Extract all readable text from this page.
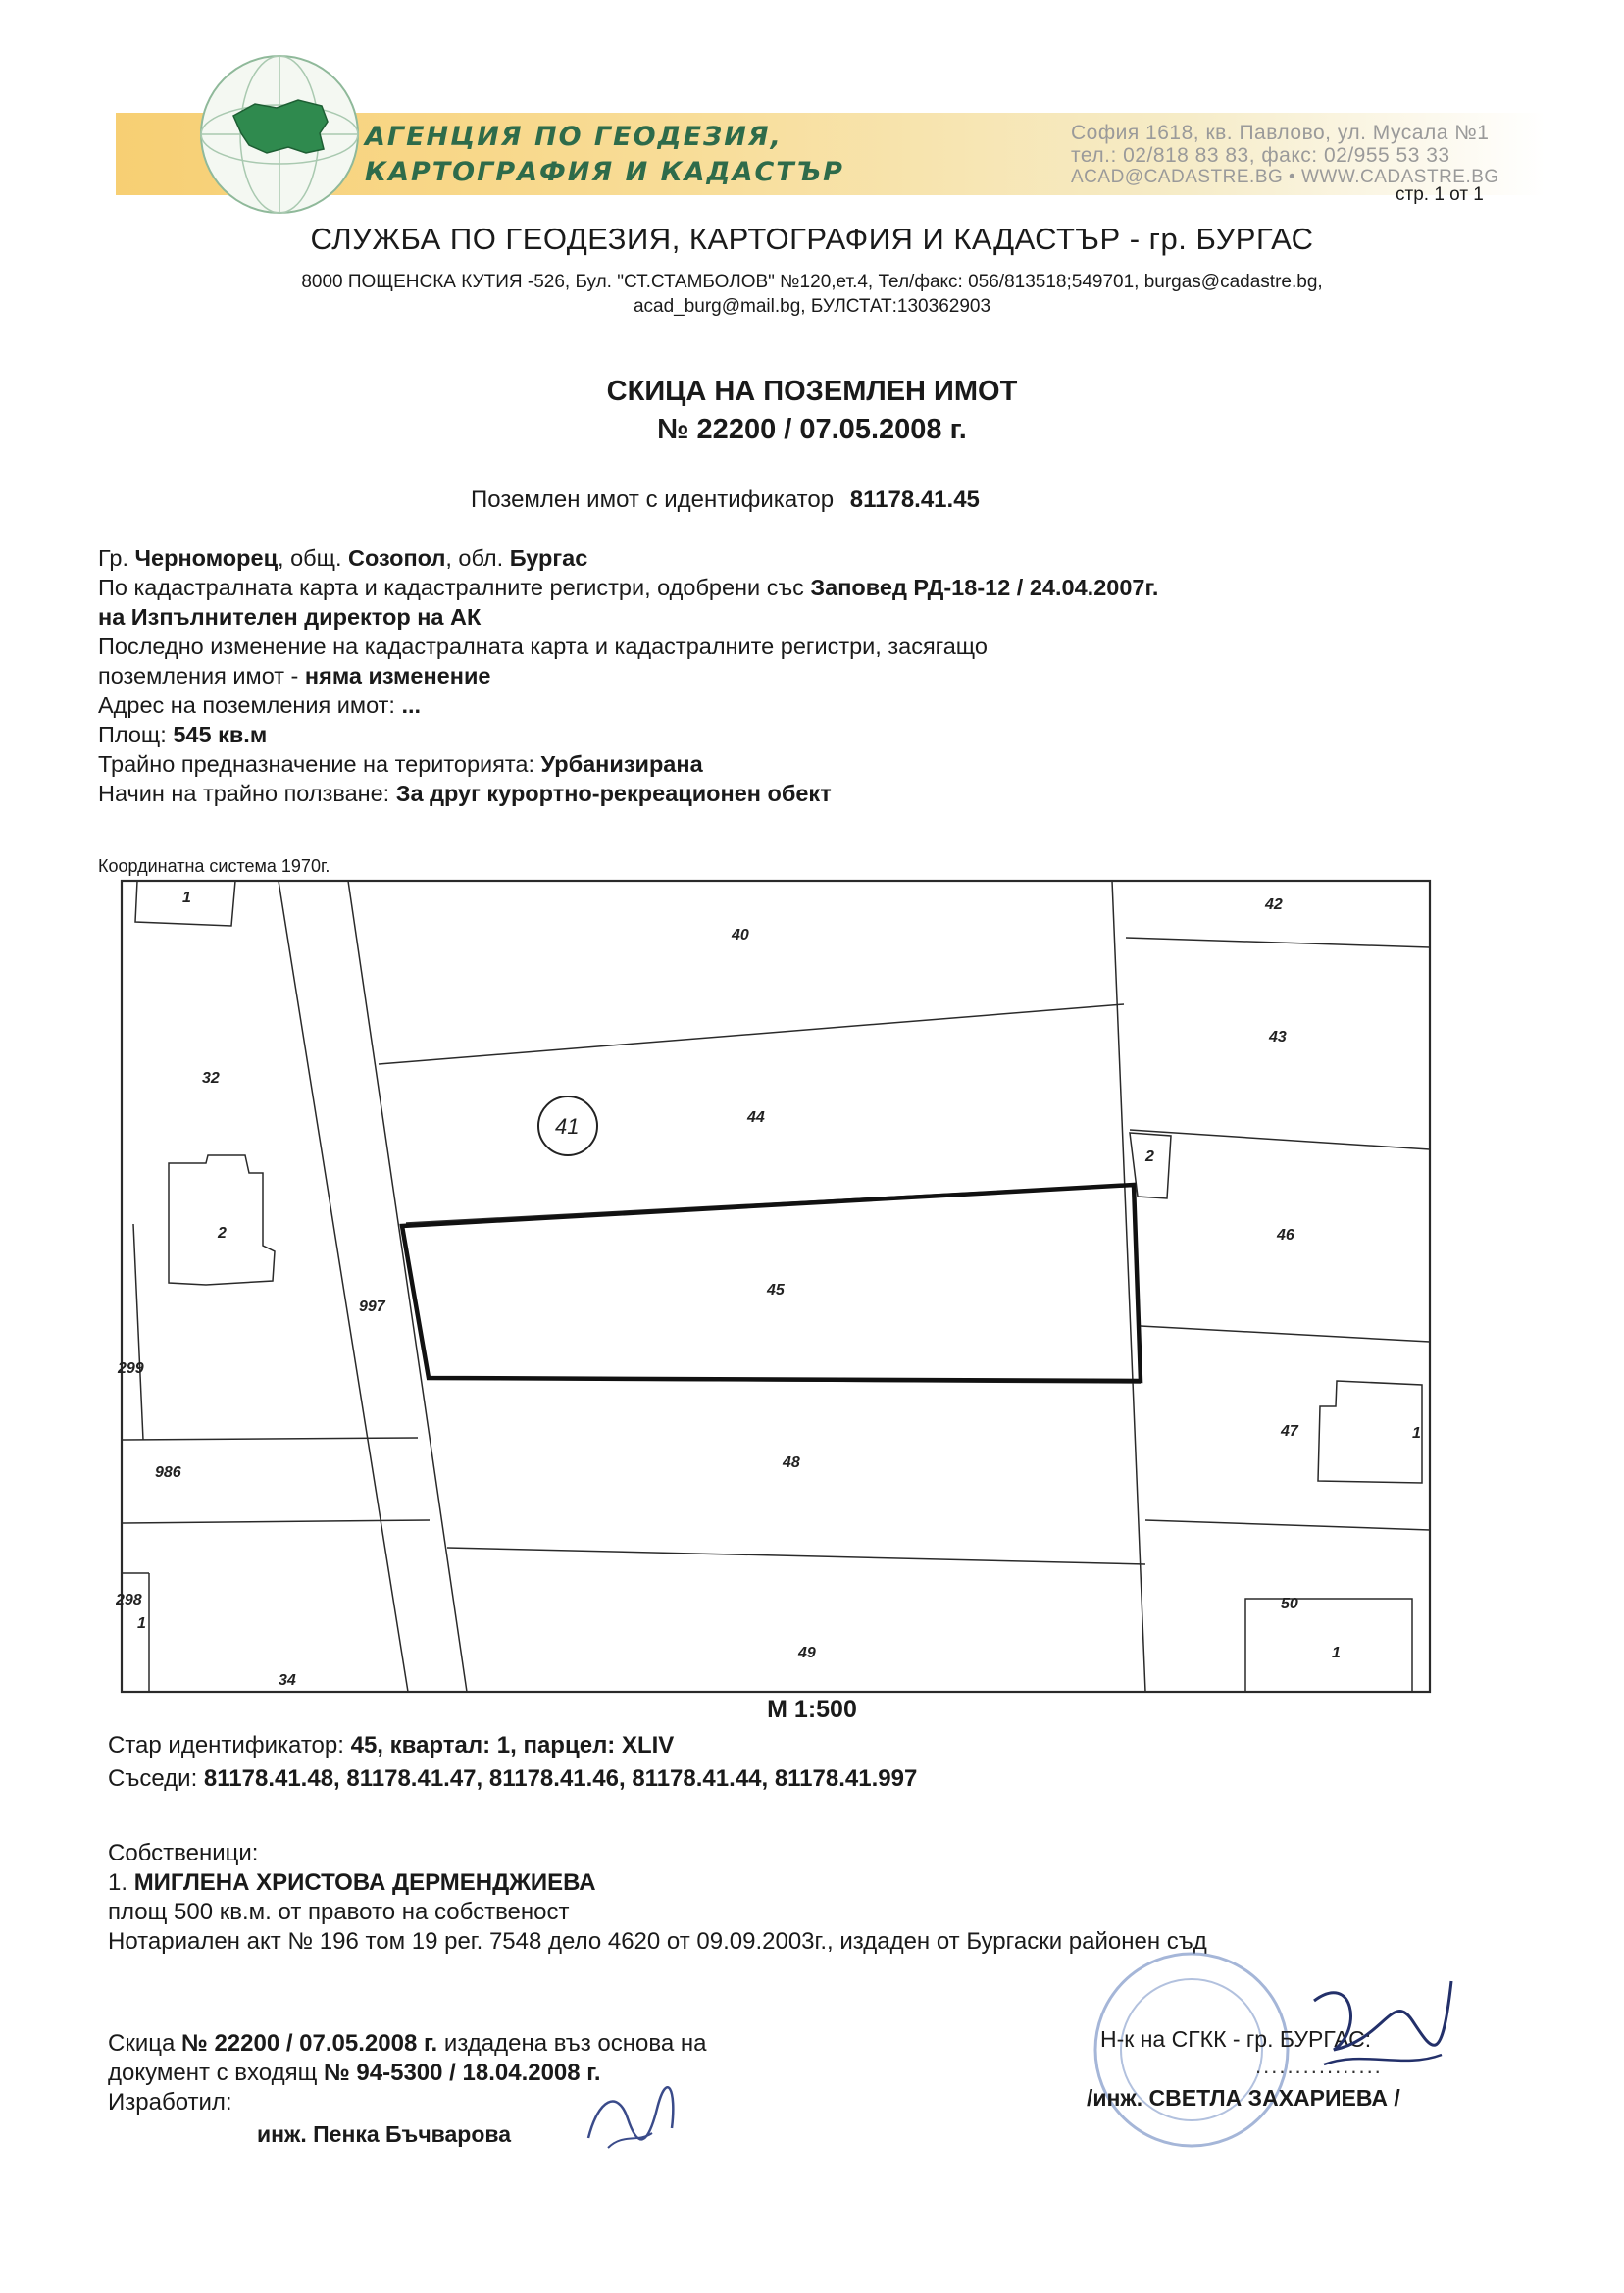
АГЕНЦИЯ ПО ГЕОДЕЗИЯ,
КАРТОГРАФИЯ И КАДАСТЪР
София 1618, кв. Павлово, ул. Мусала №1
тел.: 02/818 83 83, факс: 02/955 53 33
ACAD@CADASTRE.BG • WWW.CADASTRE.BG
стр. 1 от 1
СЛУЖБА ПО ГЕОДЕЗИЯ, КАРТОГРАФИЯ И КАДАСТЪР - гр. БУРГАС
8000 ПОЩЕНСКА КУТИЯ -526, Бул. "СТ.СТАМБОЛОВ" №120,ет.4, Тел/факс: 056/813518;549701, burgas@cadastre.bg,
acad_burg@mail.bg, БУЛСТАТ:130362903
СКИЦА НА ПОЗЕМЛЕН ИМОТ
№ 22200 / 07.05.2008 г.
Поземлен имот с идентификатор 81178.41.45
Гр. Черноморец, общ. Созопол, обл. Бургас
По кадастралната карта и кадастралните регистри, одобрени със Заповед РД-18-12 / 24.04.2007г.
на Изпълнителен директор на АК
Последно изменение на кадастралната карта и кадастралните регистри, засягащо
поземления имот - няма изменение
Адрес на поземления имот: ...
Площ: 545 кв.м
Трайно предназначение на територията: Урбанизирана
Начин на трайно ползване: За друг курортно-рекреационен обект
Координатна система 1970г.
40
42
43
44
45
46
47
48
49
50
32
34
997
986
299
298
1
2
2
1
1
1
41
М 1:500
Стар идентификатор: 45, квартал: 1, парцел: XLIV
Съседи: 81178.41.48, 81178.41.47, 81178.41.46, 81178.41.44, 81178.41.997
Собственици:
1. МИГЛЕНА ХРИСТОВА ДЕРМЕНДЖИЕВА
площ 500 кв.м. от правото на собственост
Нотариален акт № 196 том 19 рег. 7548 дело 4620 от 09.09.2003г., издаден от Бургаски районен съд
Скица № 22200 / 07.05.2008 г. издадена въз основа на
документ с входящ № 94-5300 / 18.04.2008 г.
Изработил:
инж. Пенка Бъчварова
Н-к на СГКК - гр. БУРГАС:
................
/инж. СВЕТЛА ЗАХАРИЕВА /
